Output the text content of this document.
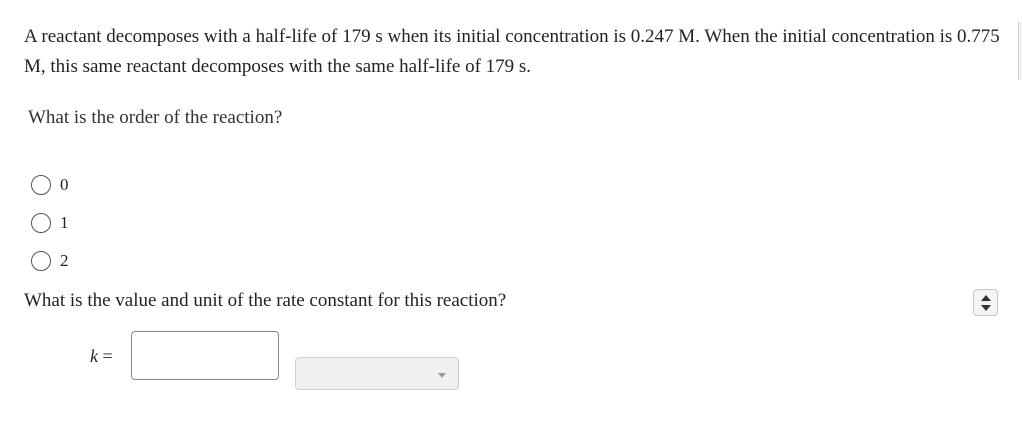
A reactant decomposes with a half-life of 179 s when its initial concentration is 0.247 M. When the initial concentration is 0.775 M, this same reactant decomposes with the same half-life of 179 s.
What is the order of the reaction?
0
1
2
What is the value and unit of the rate constant for this reaction?
k =
